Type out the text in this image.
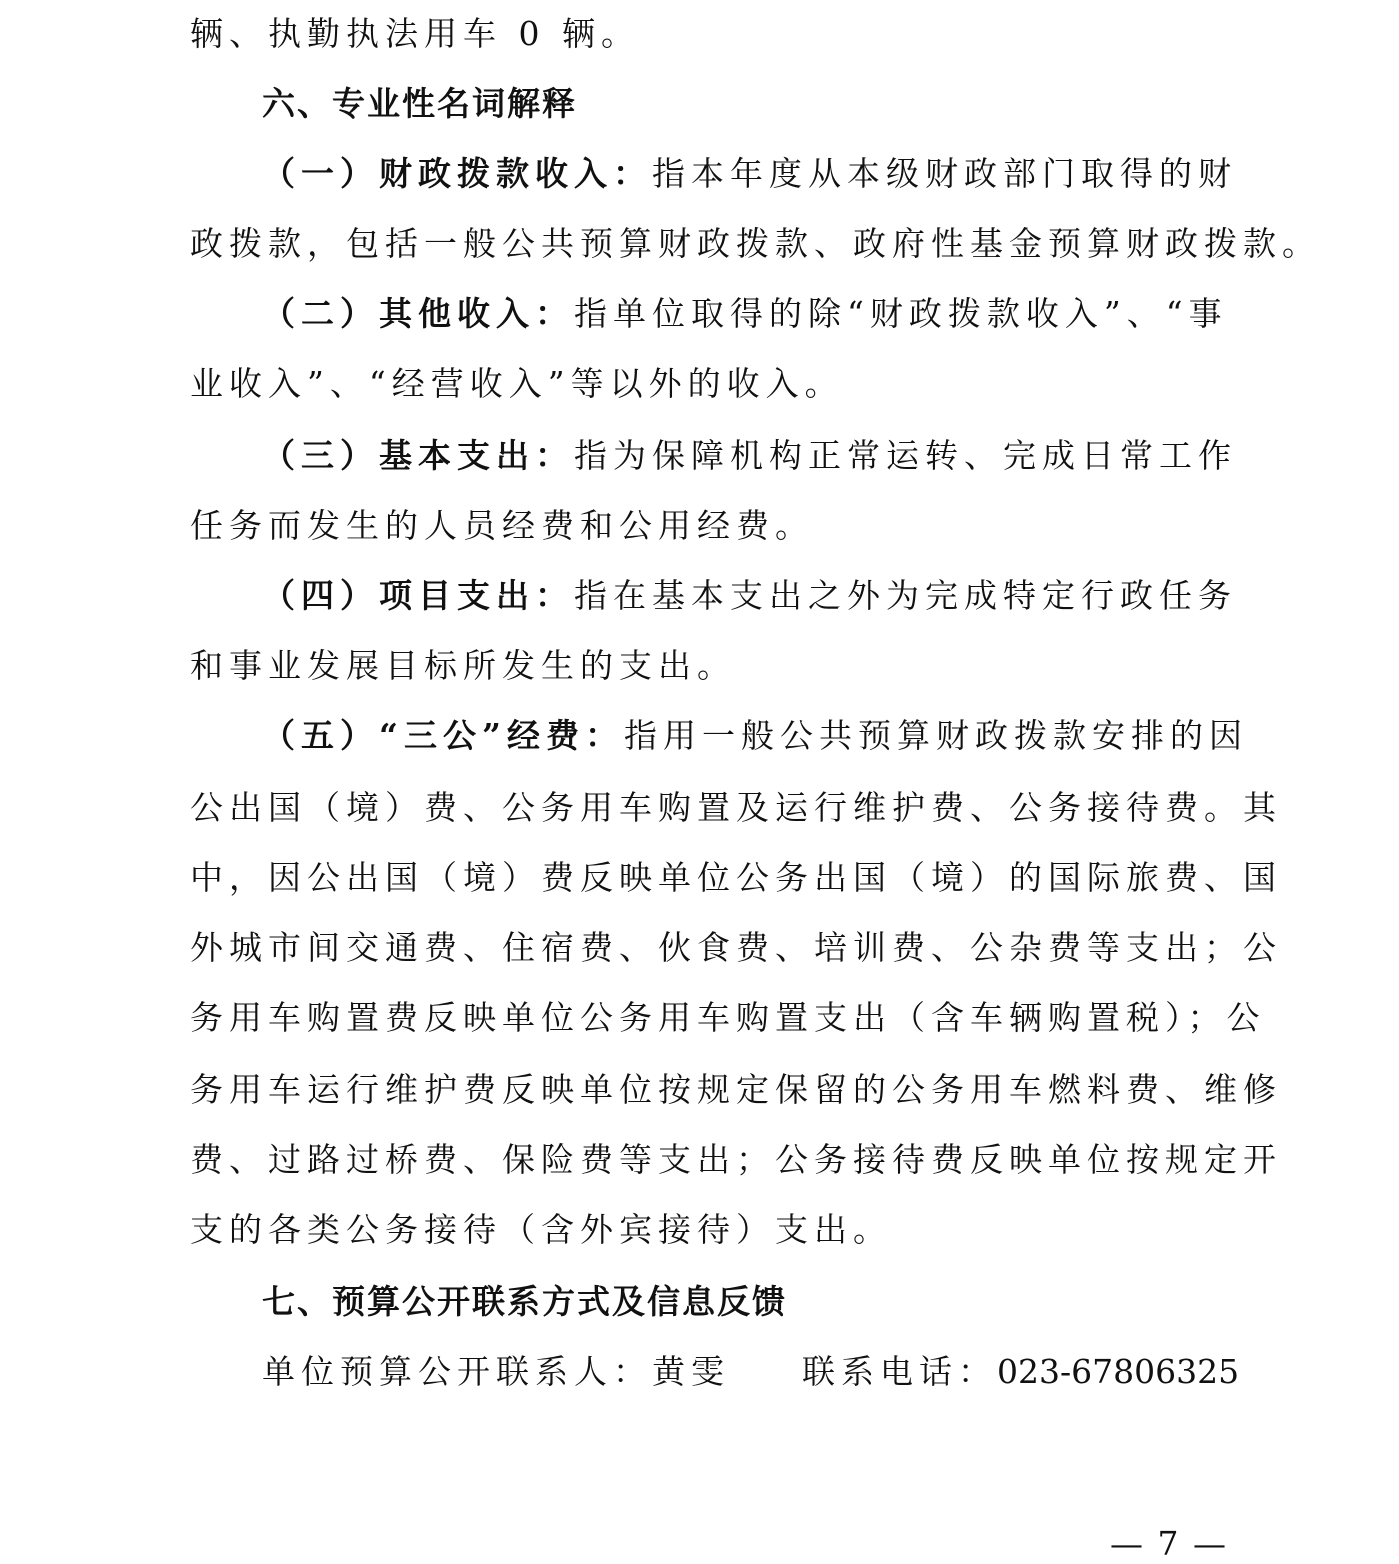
辆、执勤执法用车 0 辆。
六、专业性名词解释
（一）财政拨款收入：指本年度从本级财政部门取得的财
政拨款，包括一般公共预算财政拨款、政府性基金预算财政拨款。
（二）其他收入：指单位取得的除“财政拨款收入”、“事
业收入”、“经营收入”等以外的收入。
（三）基本支出：指为保障机构正常运转、完成日常工作
任务而发生的人员经费和公用经费。
（四）项目支出：指在基本支出之外为完成特定行政任务
和事业发展目标所发生的支出。
（五）“三公”经费：指用一般公共预算财政拨款安排的因
公出国（境）费、公务用车购置及运行维护费、公务接待费。其
中，因公出国（境）费反映单位公务出国（境）的国际旅费、国
外城市间交通费、住宿费、伙食费、培训费、公杂费等支出；公
务用车购置费反映单位公务用车购置支出（含车辆购置税）；公
务用车运行维护费反映单位按规定保留的公务用车燃料费、维修
费、过路过桥费、保险费等支出；公务接待费反映单位按规定开
支的各类公务接待（含外宾接待）支出。
七、预算公开联系方式及信息反馈
单位预算公开联系人：黄雯 联系电话：023-67806325
— 7 —
